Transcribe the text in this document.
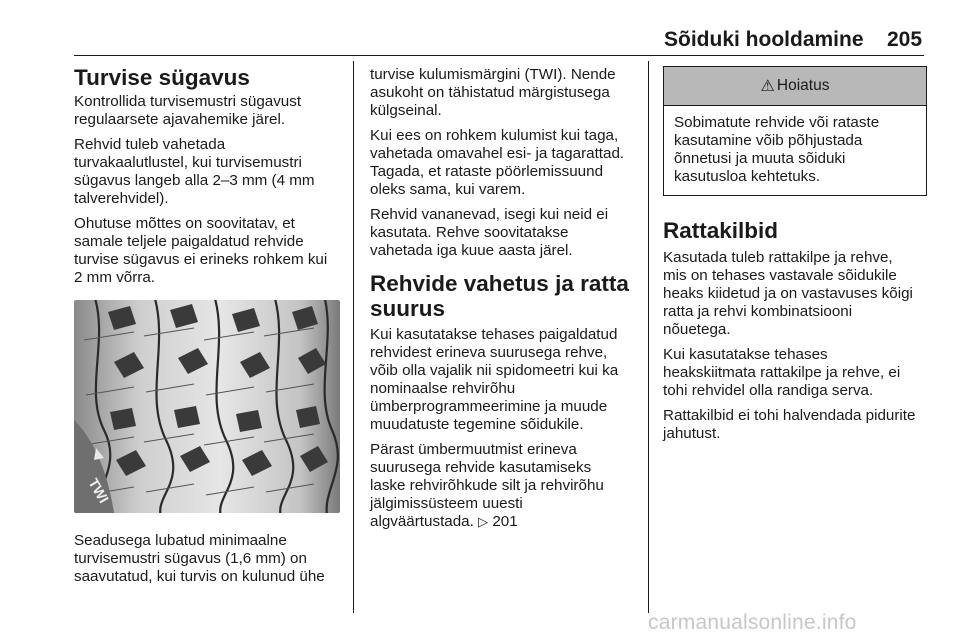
Sõiduki hooldamine 205
Turvise sügavus

Kontrollida turvisemustri sügavust
regulaarsete ajavahemike järel.

Rehvid tuleb vahetada
turvakaalutlustel, kui turvisemustri
sügavus langeb alla 2–3 mm (4 mm
talverehvidel).

Ohutuse mõttes on soovitatav, et
samale teljele paigaldatud rehvide
turvise sügavus ei erineks rohkem kui
2 mm võrra.

TWI

Seadusega lubatud minimaalne
turvisemustri sügavus (1,6 mm) on
saavutatud, kui turvis on kulunud ühe

turvise kulumismärgini (TWI). Nende
asukoht on tähistatud märgistusega
külgseinal.

Kui ees on rohkem kulumist kui taga,
vahetada omavahel esi- ja tagarattad.
Tagada, et rataste pöörlemissuund
oleks sama, kui varem.

Rehvid vananevad, isegi kui neid ei
kasutata. Rehve soovitatakse
vahetada iga kuue aasta järel.

Rehvide vahetus ja ratta
suurus

Kui kasutatakse tehases paigaldatud
rehvidest erineva suurusega rehve,
võib olla vajalik nii spidomeetri kui ka
nominaalse rehvirõhu
ümberprogrammeerimine ja muude
muudatuste tegemine sõidukile.

Pärast ümbermuutmist erineva
suurusega rehvide kasutamiseks
laske rehvirõhkude silt ja rehvirõhu
jälgimissüsteem uuesti
algväärtustada. ▷ 201

⚠ Hoiatus

Sobimatute rehvide või rataste
kasutamine võib põhjustada
õnnetusi ja muuta sõiduki
kasutusloa kehtetuks.

Rattakilbid

Kasutada tuleb rattakilpe ja rehve,
mis on tehases vastavale sõidukile
heaks kiidetud ja on vastavuses kõigi
ratta ja rehvi kombinatsiooni
nõuetega.

Kui kasutatakse tehases
heakskiitmata rattakilpe ja rehve, ei
tohi rehvidel olla randiga serva.

Rattakilbid ei tohi halvendada pidurite
jahutust.

carmanualsonline.info
